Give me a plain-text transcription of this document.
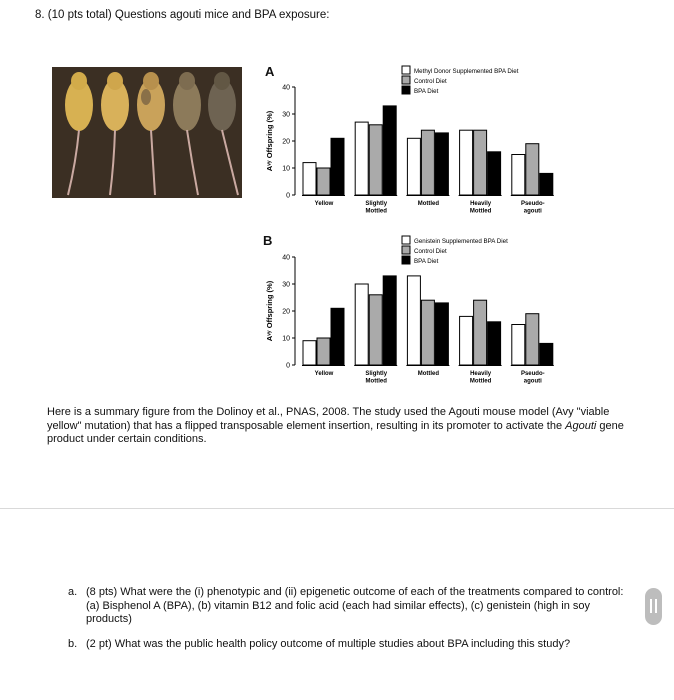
8. (10 pts total) Questions agouti mice and BPA exposure:
A
Aᵛʸ Offspring (%)
0
10
20
30
40
Yellow	Slightly
Mottled
Mottled	Heavily
Mottled
Pseudo-
agouti
Methyl Donor Supplemented BPA Diet
Control Diet
BPA Diet
B
Aᵛʸ Offspring (%)
0
10
20
30
40
Yellow	Slightly
Mottled
Mottled	Heavily
Mottled
Pseudo-
agouti
Genistein Supplemented BPA Diet
Control Diet
BPA Diet
Here is a summary figure from the Dolinoy et al., PNAS, 2008. The study used the Agouti mouse model (Avy "viable yellow" mutation) that has a flipped transposable element insertion, resulting in its promoter to activate the Agouti gene product under certain conditions.
a. (8 pts) What were the (i) phenotypic and (ii) epigenetic outcome of each of the treatments compared to control: (a) Bisphenol A (BPA), (b) vitamin B12 and folic acid (each had similar effects), (c) genistein (high in soy products)
b. (2 pt) What was the public health policy outcome of multiple studies about BPA including this study?
